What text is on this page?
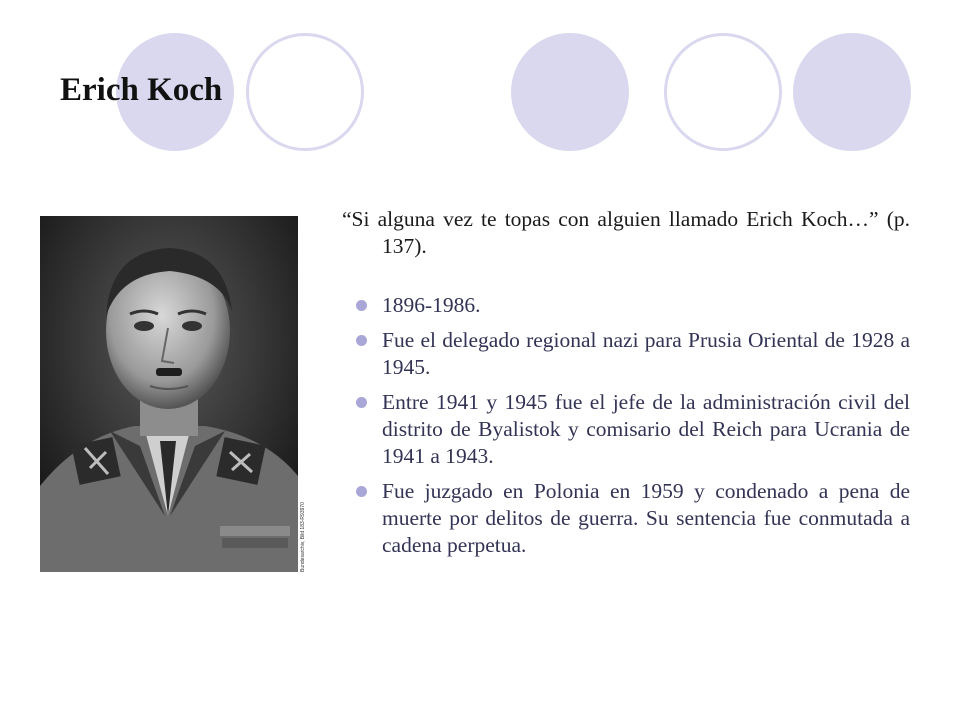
Erich Koch
Bundesarchiv, Bild 183-R93970

“Si alguna vez te topas con alguien llamado Erich Koch…” (p. 137).

1896-1986.
Fue el delegado regional nazi para Prusia Oriental de 1928 a 1945.
Entre 1941 y 1945 fue el jefe de la administración civil del distrito de Byalistok y comisario del Reich para Ucrania de 1941 a 1943.
Fue juzgado en Polonia en 1959 y condenado a pena de muerte por delitos de guerra. Su sentencia fue conmutada a cadena perpetua.
